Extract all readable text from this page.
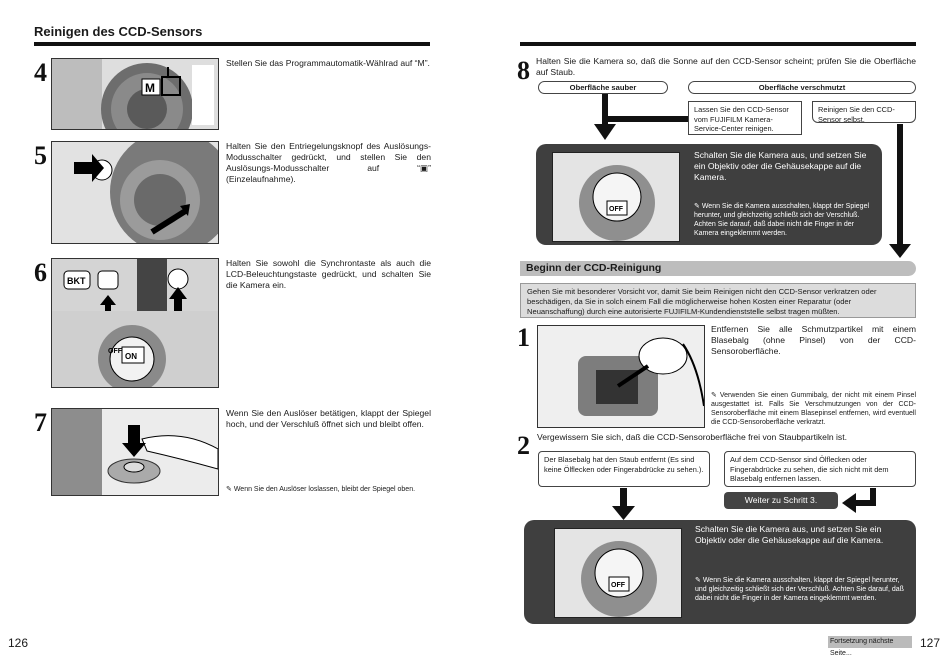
Reinigen des CCD-Sensors
4
M
Stellen Sie das Programmautomatik-Wählrad auf “M”.
5	Halten Sie den Entriegelungsknopf des Auslösungs-Modusschalter gedrückt, und stellen Sie den Auslösungs-Modusschalter auf “▣” (Einzelaufnahme).
6 BKT
ON
OFF
Halten Sie sowohl die Synchrontaste als auch die LCD-Beleuchtungstaste gedrückt, und schalten Sie die Kamera ein.
7	Wenn Sie den Auslöser betätigen, klappt der Spiegel hoch, und der Verschluß öffnet sich und bleibt offen.
✎ Wenn Sie den Auslöser loslassen, bleibt der Spiegel oben.
126
8 Halten Sie die Kamera so, daß die Sonne auf den CCD-Sensor scheint; prüfen Sie die Oberfläche auf Staub.
Oberfläche sauber	Oberfläche verschmutzt
Lassen Sie den CCD-Sensor vom FUJIFILM Kamera-Service-Center reinigen.
Reinigen Sie den CCD-Sensor selbst.
OFF
Schalten Sie die Kamera aus, und setzen Sie ein Objektiv oder die Gehäusekappe auf die Kamera.
✎ Wenn Sie die Kamera ausschalten, klappt der Spiegel herunter, und gleichzeitig schließt sich der Verschluß. Achten Sie darauf, daß dabei nicht die Finger in der Kamera eingeklemmt werden.
Beginn der CCD-Reinigung
Gehen Sie mit besonderer Vorsicht vor, damit Sie beim Reinigen nicht den CCD-Sensor verkratzen oder beschädigen, da Sie in solch einem Fall die möglicherweise hohen Kosten einer Reparatur (oder Neuanschaffung) durch eine autorisierte FUJIFILM-Kundendienststelle selbst tragen müßten.
1	Entfernen Sie alle Schmutzpartikel mit einem Blasebalg (ohne Pinsel) von der CCD-Sensoroberfläche.
✎ Verwenden Sie einen Gummibalg, der nicht mit einem Pinsel ausgestattet ist. Falls Sie Verschmutzungen von der CCD-Sensoroberfläche mit einem Blasepinsel entfernen, wird eventuell die CCD-Sensoroberfläche verkratzt.
2 Vergewissern Sie sich, daß die CCD-Sensoroberfläche frei von Staubpartikeln ist.
Der Blasebalg hat den Staub entfernt (Es sind keine Ölflecken oder Fingerabdrücke zu sehen.).
Auf dem CCD-Sensor sind Ölflecken oder Fingerabdrücke zu sehen, die sich nicht mit dem Blasebalg entfernen lassen.
Weiter zu Schritt 3.
OFF
Schalten Sie die Kamera aus, und setzen Sie ein Objektiv oder die Gehäusekappe auf die Kamera.
✎ Wenn Sie die Kamera ausschalten, klappt der Spiegel herunter, und gleichzeitig schließt sich der Verschluß. Achten Sie darauf, daß dabei nicht die Finger in der Kamera eingeklemmt werden.
Fortsetzung nächste Seite...
127
